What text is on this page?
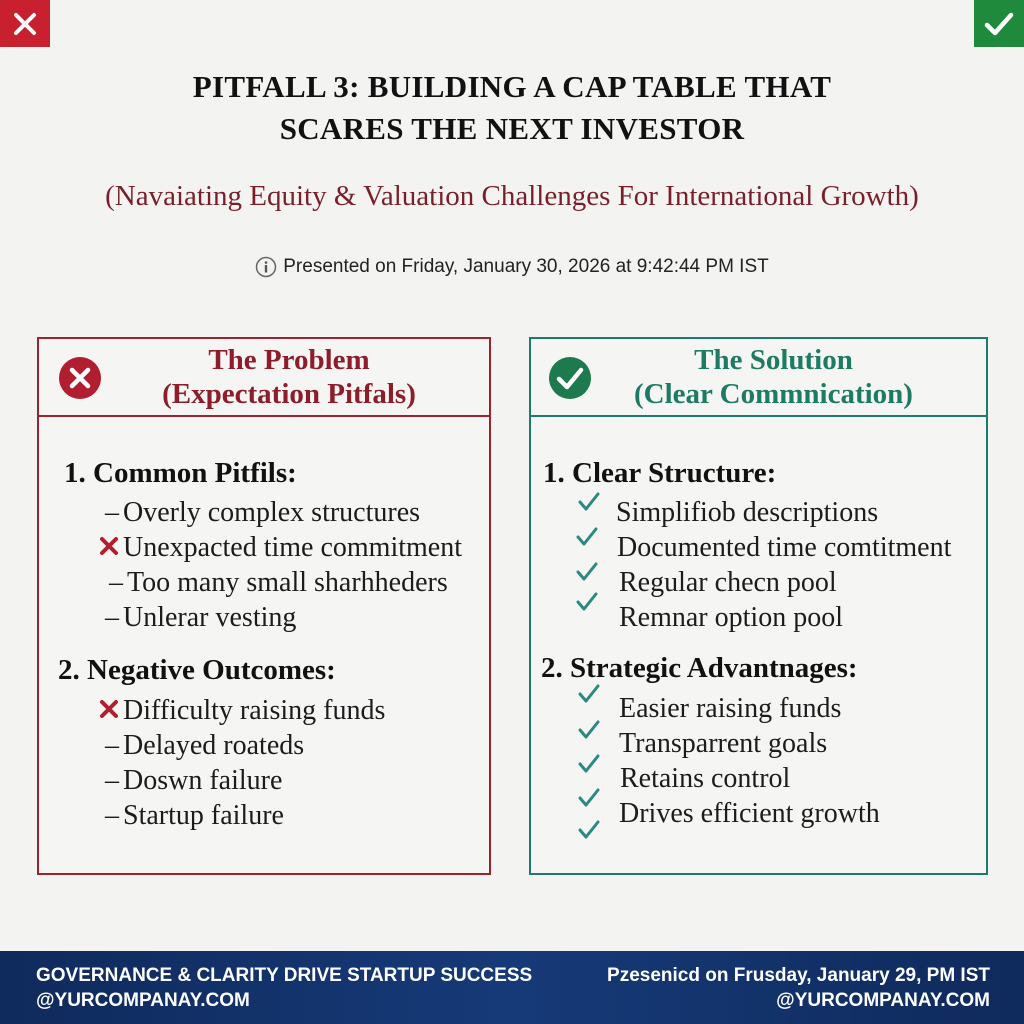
PITFALL 3: BUILDING A CAP TABLE THAT
SCARES THE NEXT INVESTOR
(Navaiating Equity & Valuation Challenges For International Growth)
Presented on Friday, January 30, 2026 at 9:42:44 PM IST
The Problem
(Expectation Pitfals)
1. Common Pitfils:
– Overly complex structures
Unexpacted time commitment
– Too many small sharhheders
– Unlerar vesting
2. Negative Outcomes:
Difficulty raising funds
– Delayed roateds
– Doswn failure
– Startup failure
The Solution
(Clear Commnication)
1. Clear Structure:
Simplifiob descriptions
Documented time comtitment
Regular checn pool
Remnar option pool
2. Strategic Advantnages:
Easier raising funds
Transparrent goals
Retains control
Drives efficient growth
GOVERNANCE & CLARITY DRIVE STARTUP SUCCESS
@YURCOMPANAY.COM
Pzesenicd on Frusday, January 29, PM IST
@YURCOMPANAY.COM
